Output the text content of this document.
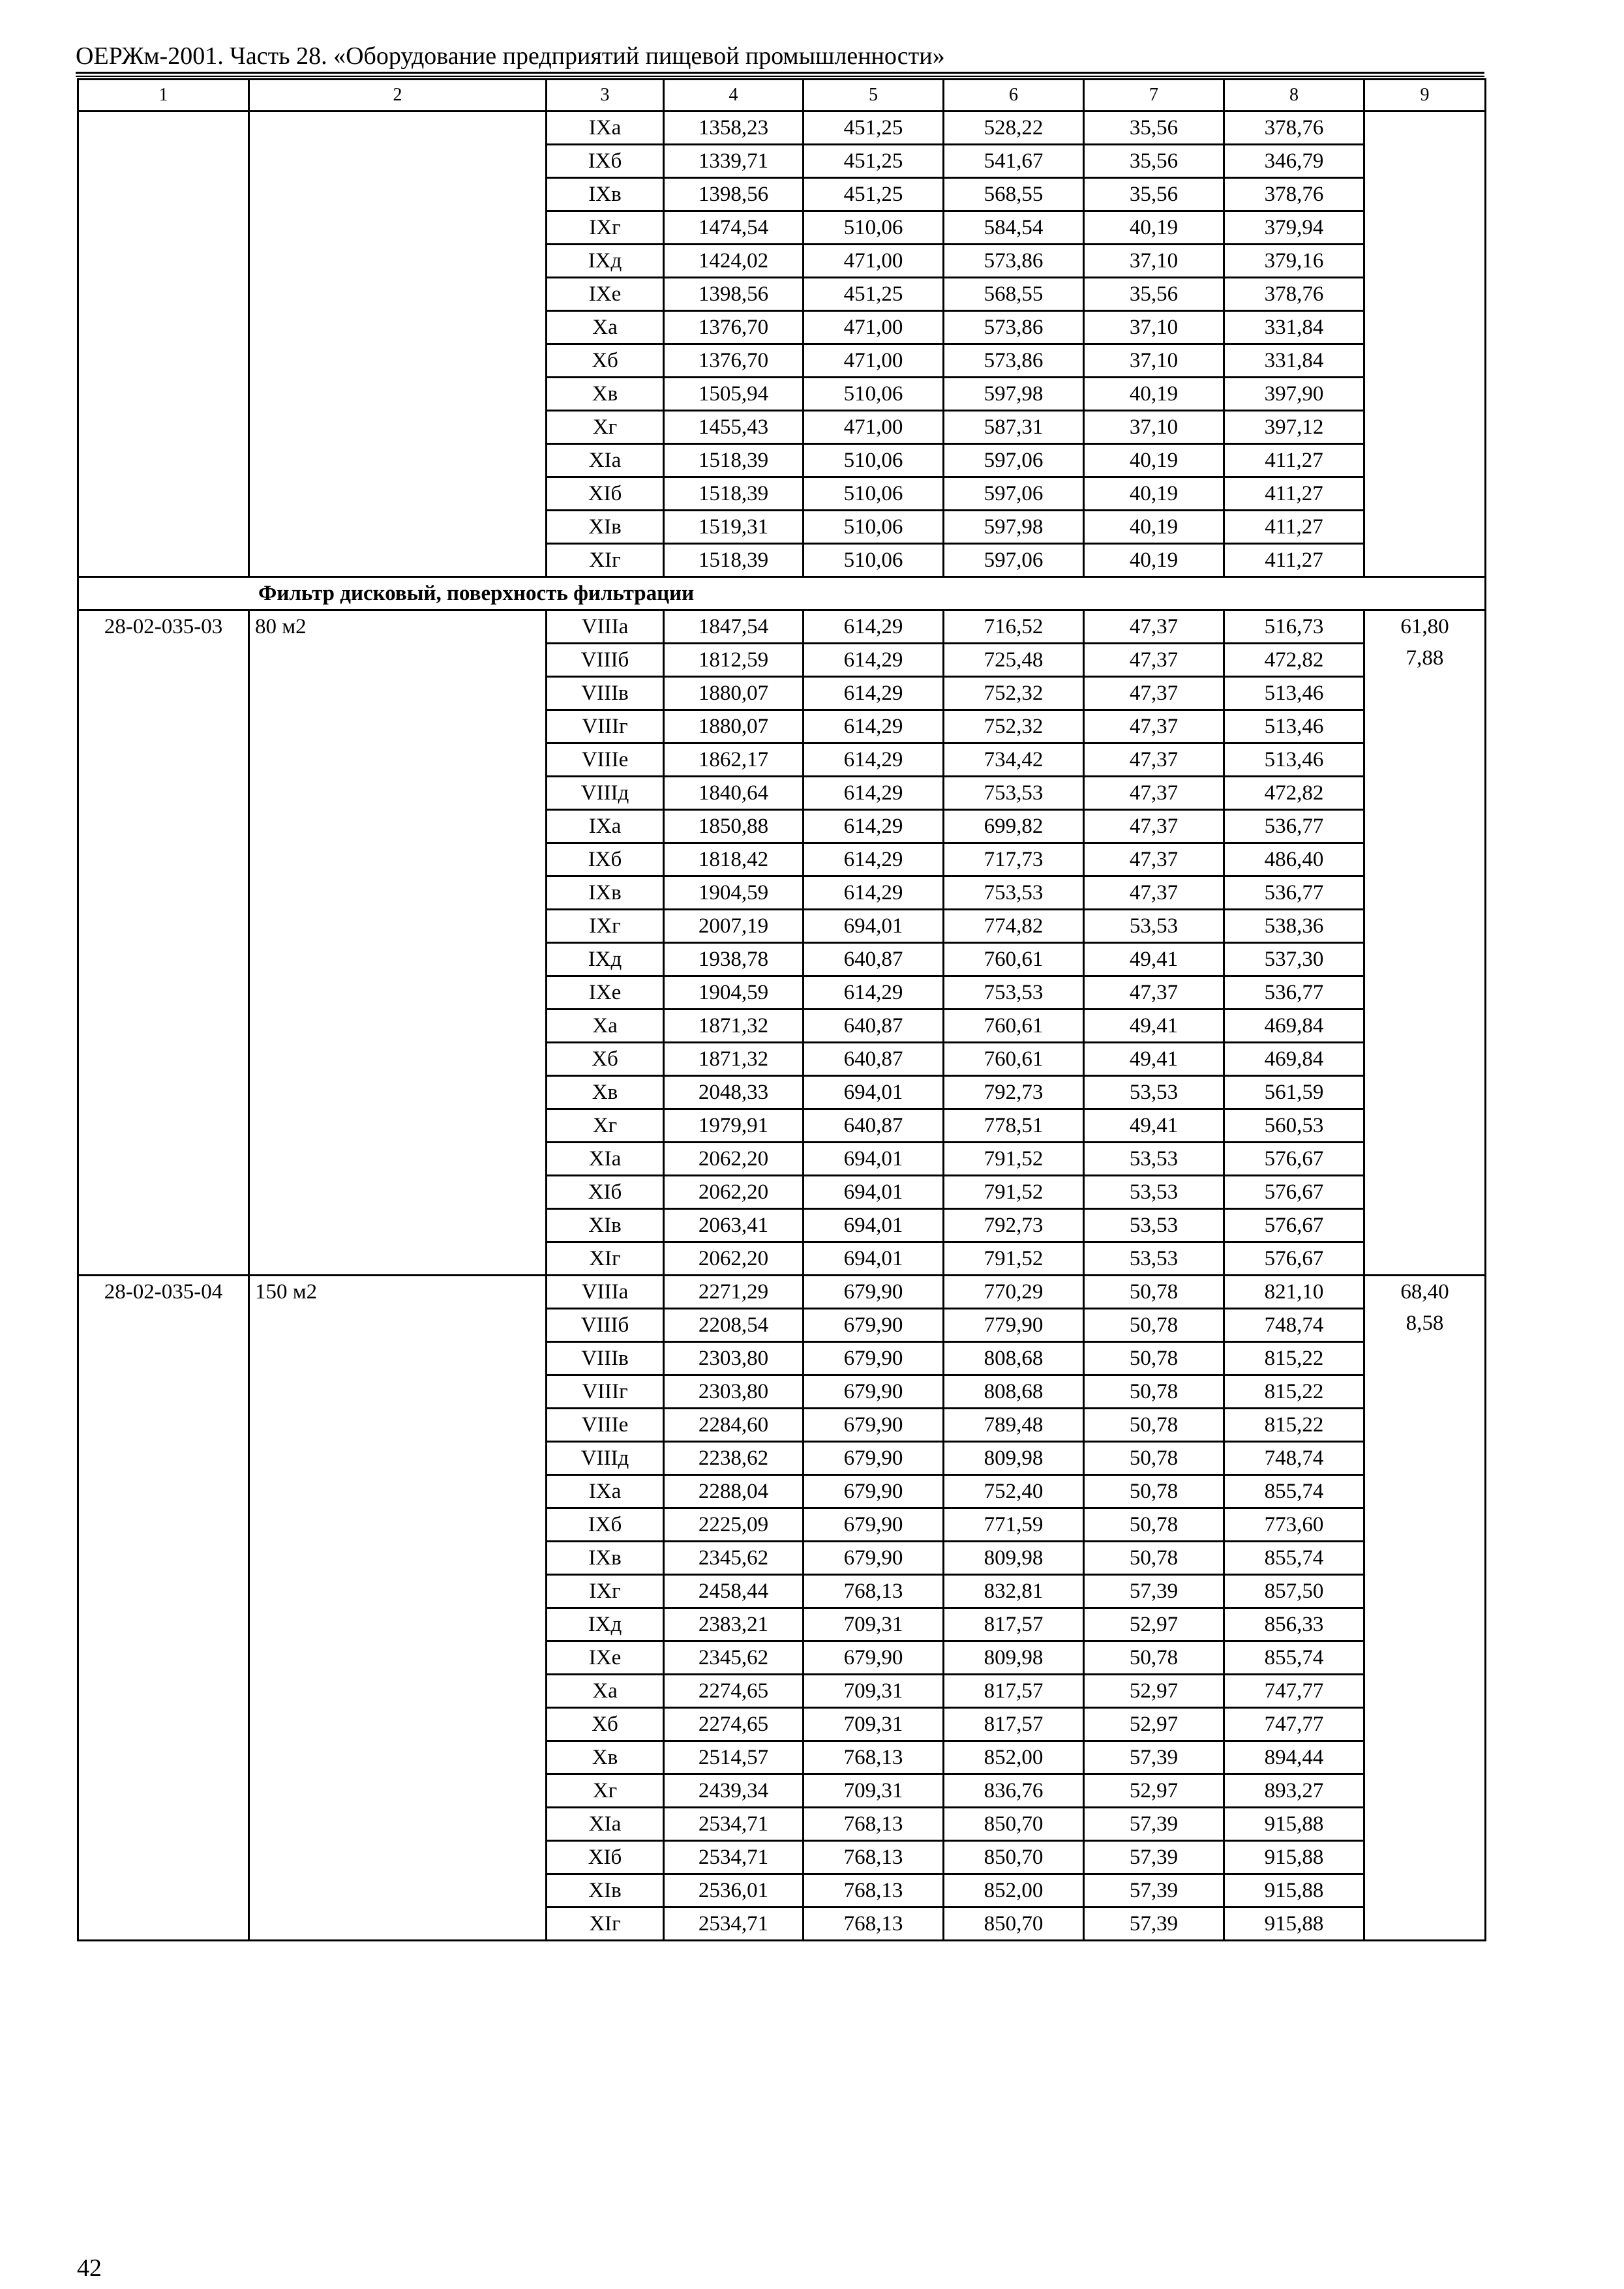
ОЕРЖм-2001. Часть 28. «Оборудование предприятий пищевой промышленности»
1	2	3	4	5	6	7	8	9
		IXа	1358,23	451,25	528,22	35,56	378,76	
		IXб	1339,71	451,25	541,67	35,56	346,79	
		IXв	1398,56	451,25	568,55	35,56	378,76	
		IXг	1474,54	510,06	584,54	40,19	379,94	
		IXд	1424,02	471,00	573,86	37,10	379,16	
		IXе	1398,56	451,25	568,55	35,56	378,76	
		Xа	1376,70	471,00	573,86	37,10	331,84	
		Xб	1376,70	471,00	573,86	37,10	331,84	
		Xв	1505,94	510,06	597,98	40,19	397,90	
		Xг	1455,43	471,00	587,31	37,10	397,12	
		XIа	1518,39	510,06	597,06	40,19	411,27	
		XIб	1518,39	510,06	597,06	40,19	411,27	
		XIв	1519,31	510,06	597,98	40,19	411,27	
		XIг	1518,39	510,06	597,06	40,19	411,27	
Фильтр дисковый, поверхность фильтрации								
28-02-035-03	80 м2	VIIIа	1847,54	614,29	716,52	47,37	516,73	61,80
7,88

		VIIIб	1812,59	614,29	725,48	47,37	472,82	
		VIIIв	1880,07	614,29	752,32	47,37	513,46	
		VIIIг	1880,07	614,29	752,32	47,37	513,46	
		VIIIе	1862,17	614,29	734,42	47,37	513,46	
		VIIIд	1840,64	614,29	753,53	47,37	472,82	
		IXа	1850,88	614,29	699,82	47,37	536,77	
		IXб	1818,42	614,29	717,73	47,37	486,40	
		IXв	1904,59	614,29	753,53	47,37	536,77	
		IXг	2007,19	694,01	774,82	53,53	538,36	
		IXд	1938,78	640,87	760,61	49,41	537,30	
		IXе	1904,59	614,29	753,53	47,37	536,77	
		Xа	1871,32	640,87	760,61	49,41	469,84	
		Xб	1871,32	640,87	760,61	49,41	469,84	
		Xв	2048,33	694,01	792,73	53,53	561,59	
		Xг	1979,91	640,87	778,51	49,41	560,53	
		XIа	2062,20	694,01	791,52	53,53	576,67	
		XIб	2062,20	694,01	791,52	53,53	576,67	
		XIв	2063,41	694,01	792,73	53,53	576,67	
		XIг	2062,20	694,01	791,52	53,53	576,67	
28-02-035-04	150 м2	VIIIа	2271,29	679,90	770,29	50,78	821,10	68,40
8,58

		VIIIб	2208,54	679,90	779,90	50,78	748,74	
		VIIIв	2303,80	679,90	808,68	50,78	815,22	
		VIIIг	2303,80	679,90	808,68	50,78	815,22	
		VIIIе	2284,60	679,90	789,48	50,78	815,22	
		VIIIд	2238,62	679,90	809,98	50,78	748,74	
		IXа	2288,04	679,90	752,40	50,78	855,74	
		IXб	2225,09	679,90	771,59	50,78	773,60	
		IXв	2345,62	679,90	809,98	50,78	855,74	
		IXг	2458,44	768,13	832,81	57,39	857,50	
		IXд	2383,21	709,31	817,57	52,97	856,33	
		IXе	2345,62	679,90	809,98	50,78	855,74	
		Xа	2274,65	709,31	817,57	52,97	747,77	
		Xб	2274,65	709,31	817,57	52,97	747,77	
		Xв	2514,57	768,13	852,00	57,39	894,44	
		Xг	2439,34	709,31	836,76	52,97	893,27	
		XIа	2534,71	768,13	850,70	57,39	915,88	
		XIб	2534,71	768,13	850,70	57,39	915,88	
		XIв	2536,01	768,13	852,00	57,39	915,88	
		XIг	2534,71	768,13	850,70	57,39	915,88	
42
